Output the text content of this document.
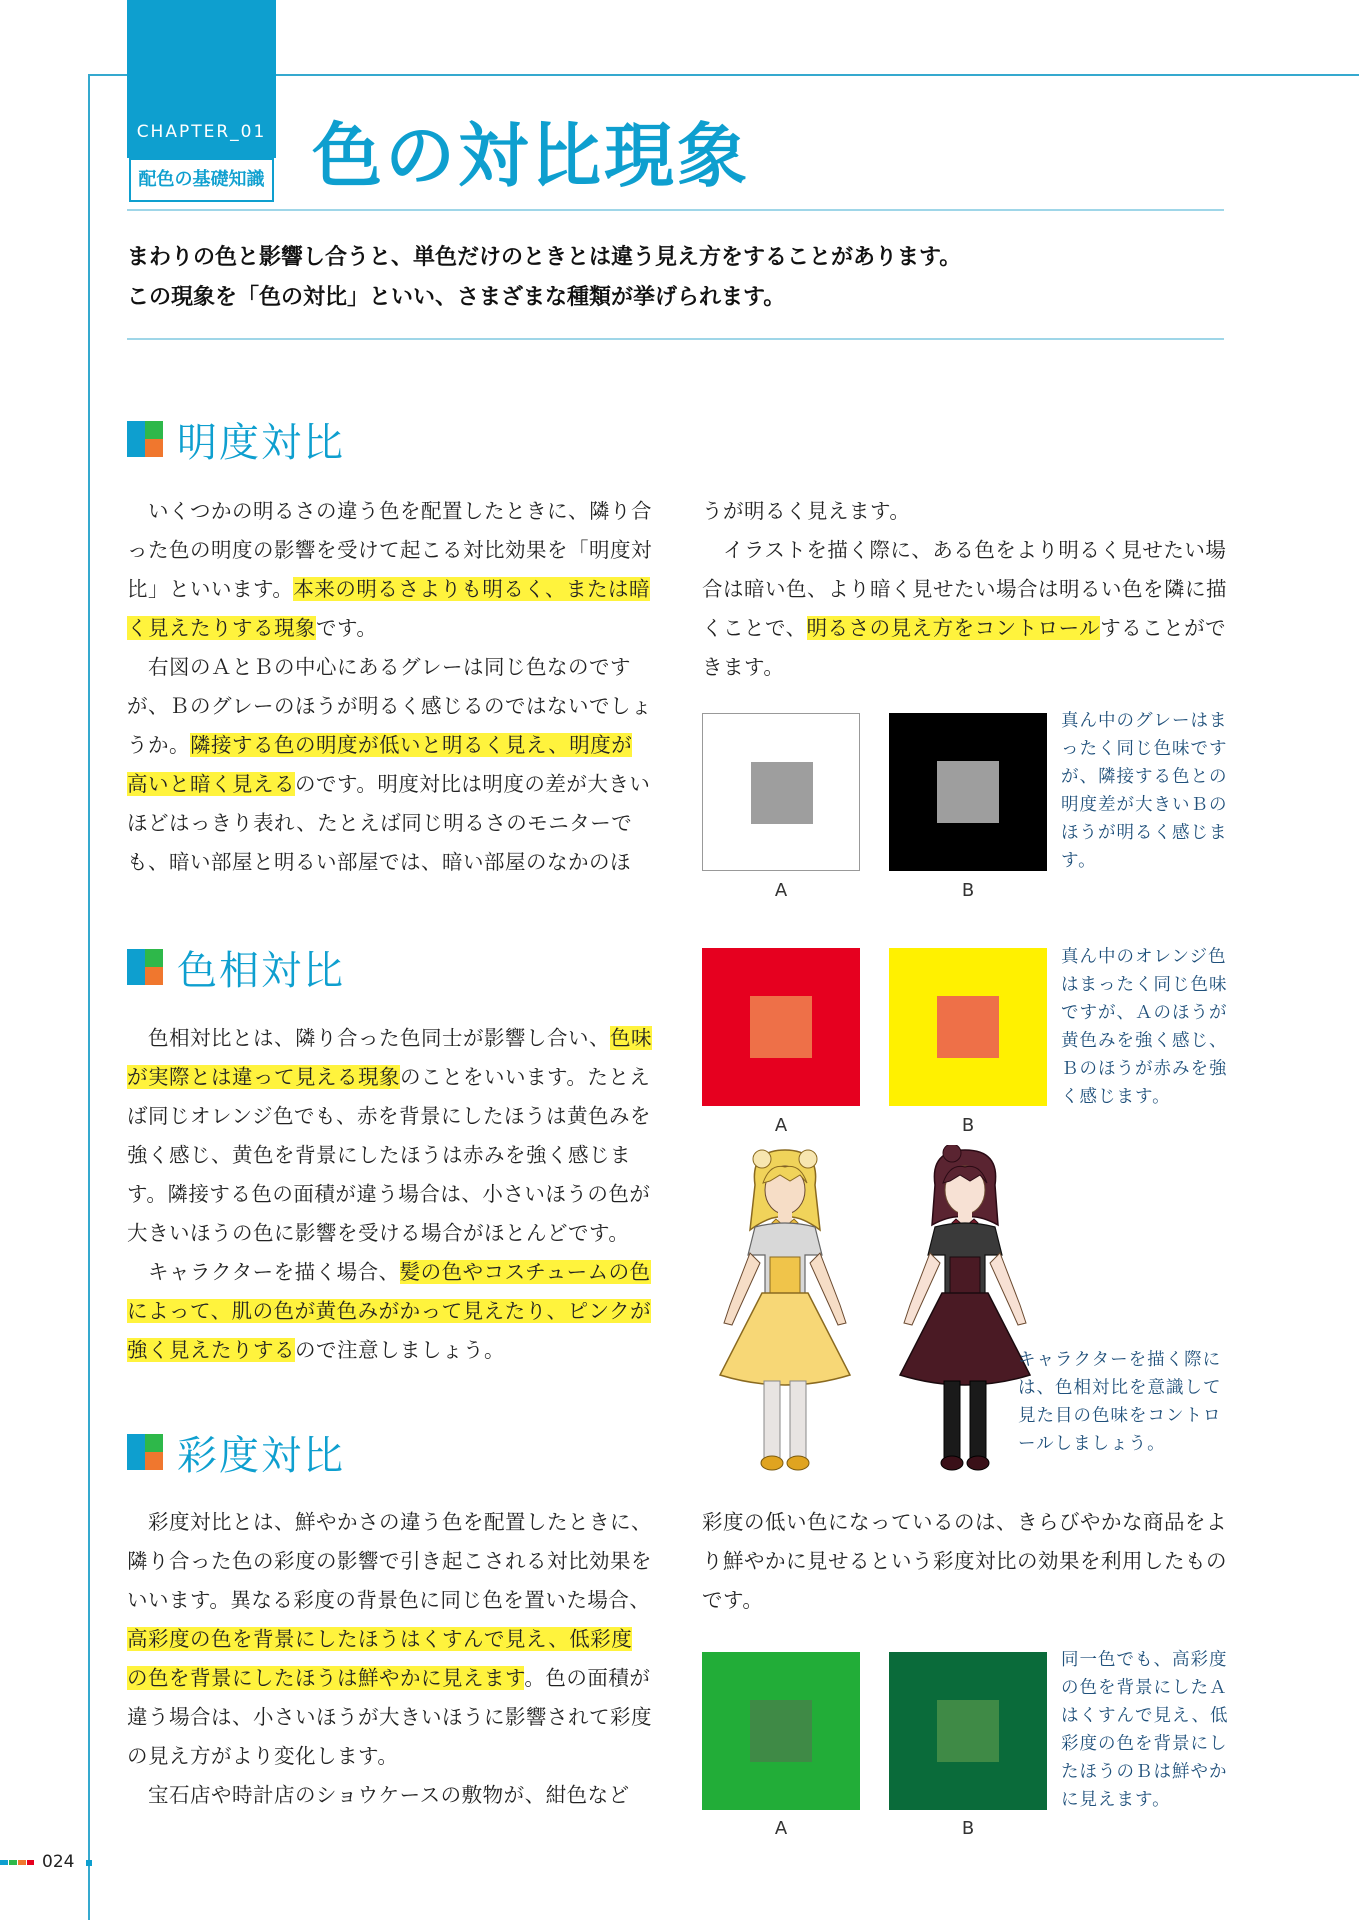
CHAPTER_01
配色の基礎知識 色の対比現象

まわりの色と影響し合うと、単色だけのときとは違う見え方をすることがあります。

この現象を「色の対比」といい、さまざまな種類が挙げられます。

明度対比

　いくつかの明るさの違う色を配置したときに、隣り合った色の明度の影響を受けて起こる対比効果を「明度対比」といいます。本来の明るさよりも明るく、または暗く見えたりする現象です。

　右図のＡとＢの中心にあるグレーは同じ色なのですが、Ｂのグレーのほうが明るく感じるのではないでしょうか。隣接する色の明度が低いと明るく見え、明度が高いと暗く見えるのです。明度対比は明度の差が大きいほどはっきり表れ、たとえば同じ明るさのモニターでも、暗い部屋と明るい部屋では、暗い部屋のなかのほ

うが明るく見えます。

　イラストを描く際に、ある色をより明るく見せたい場合は暗い色、より暗く見せたい場合は明るい色を隣に描くことで、明るさの見え方をコントロールすることができます。

A	B

真ん中のグレーはまったく同じ色味ですが、隣接する色との明度差が大きいＢのほうが明るく感じます。

色相対比

　色相対比とは、隣り合った色同士が影響し合い、色味が実際とは違って見える現象のことをいいます。たとえば同じオレンジ色でも、赤を背景にしたほうは黄色みを強く感じ、黄色を背景にしたほうは赤みを強く感じます。隣接する色の面積が違う場合は、小さいほうの色が大きいほうの色に影響を受ける場合がほとんどです。

　キャラクターを描く場合、髪の色やコスチュームの色によって、肌の色が黄色みがかって見えたり、ピンクが強く見えたりするので注意しましょう。

A	B

真ん中のオレンジ色はまったく同じ色味ですが、Ａのほうが黄色みを強く感じ、Ｂのほうが赤みを強く感じます。

キャラクターを描く際には、色相対比を意識して見た目の色味をコントロールしましょう。

彩度対比

　彩度対比とは、鮮やかさの違う色を配置したときに、隣り合った色の彩度の影響で引き起こされる対比効果をいいます。異なる彩度の背景色に同じ色を置いた場合、高彩度の色を背景にしたほうはくすんで見え、低彩度の色を背景にしたほうは鮮やかに見えます。色の面積が違う場合は、小さいほうが大きいほうに影響されて彩度の見え方がより変化します。

　宝石店や時計店のショウケースの敷物が、紺色など

彩度の低い色になっているのは、きらびやかな商品をより鮮やかに見せるという彩度対比の効果を利用したものです。

A	B

同一色でも、高彩度の色を背景にしたＡはくすんで見え、低彩度の色を背景にしたほうのＢは鮮やかに見えます。

024
